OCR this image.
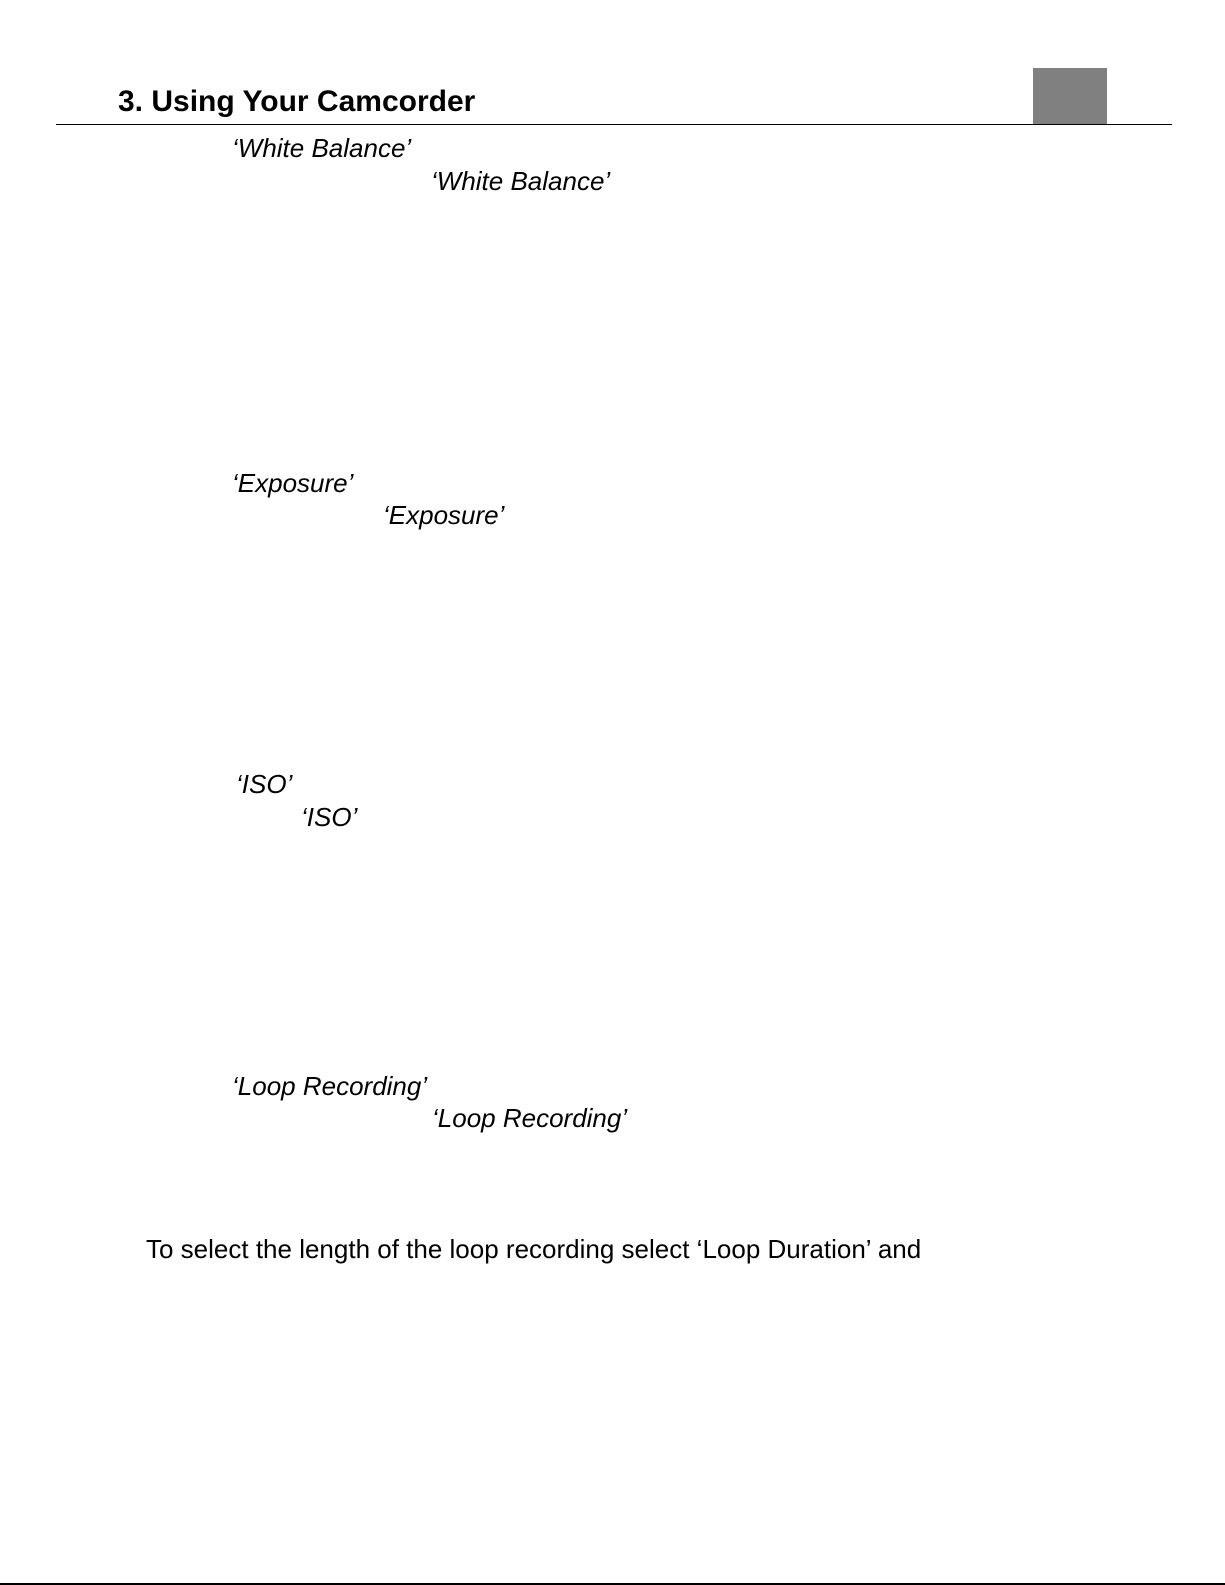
3. Using Your Camcorder
‘White Balance’
‘White Balance’
‘Exposure’
‘Exposure’
‘ISO’
‘ISO’
‘Loop Recording’
‘Loop Recording’
To select the length of the loop recording select ‘Loop Duration’ and
